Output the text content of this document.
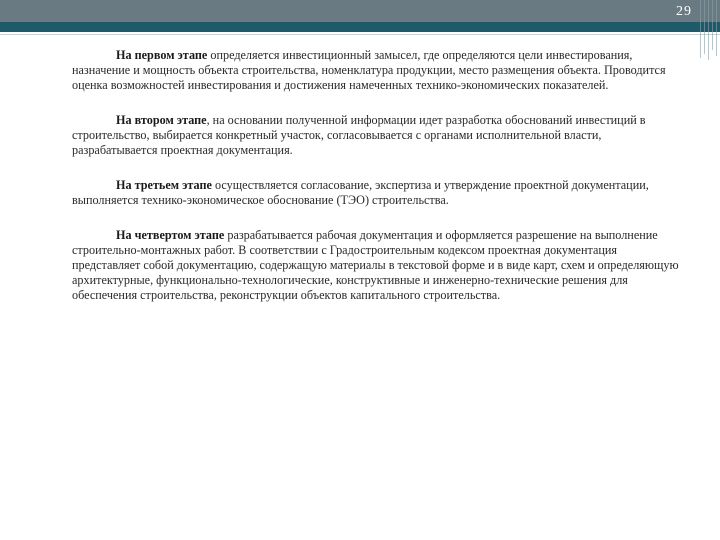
29

На первом этапе определяется инвестиционный замысел, где определяются цели инвестирования, назначение и мощность объекта строительства, номенклатура продукции, место размещения объекта. Проводится оценка возможностей инвестирования и достижения намеченных технико-экономических показателей.

На втором этапе, на основании полученной информации идет разработка обоснований инвестиций в строительство, выбирается конкретный участок, согласовывается с органами исполнительной власти, разрабатывается проектная документация.

На третьем этапе осуществляется согласование, экспертиза и утверждение проектной документации, выполняется технико-экономическое обоснование (ТЭО) строительства.

На четвертом этапе разрабатывается рабочая документация и оформляется разрешение на выполнение строительно-монтажных работ. В соответствии с Градостроительным кодексом проектная документация представляет собой документацию, содержащую материалы в текстовой форме и в виде карт, схем и определяющую архитектурные, функционально-технологические, конструктивные и инженерно-технические решения для обеспечения строительства, реконструкции объектов капитального строительства.
